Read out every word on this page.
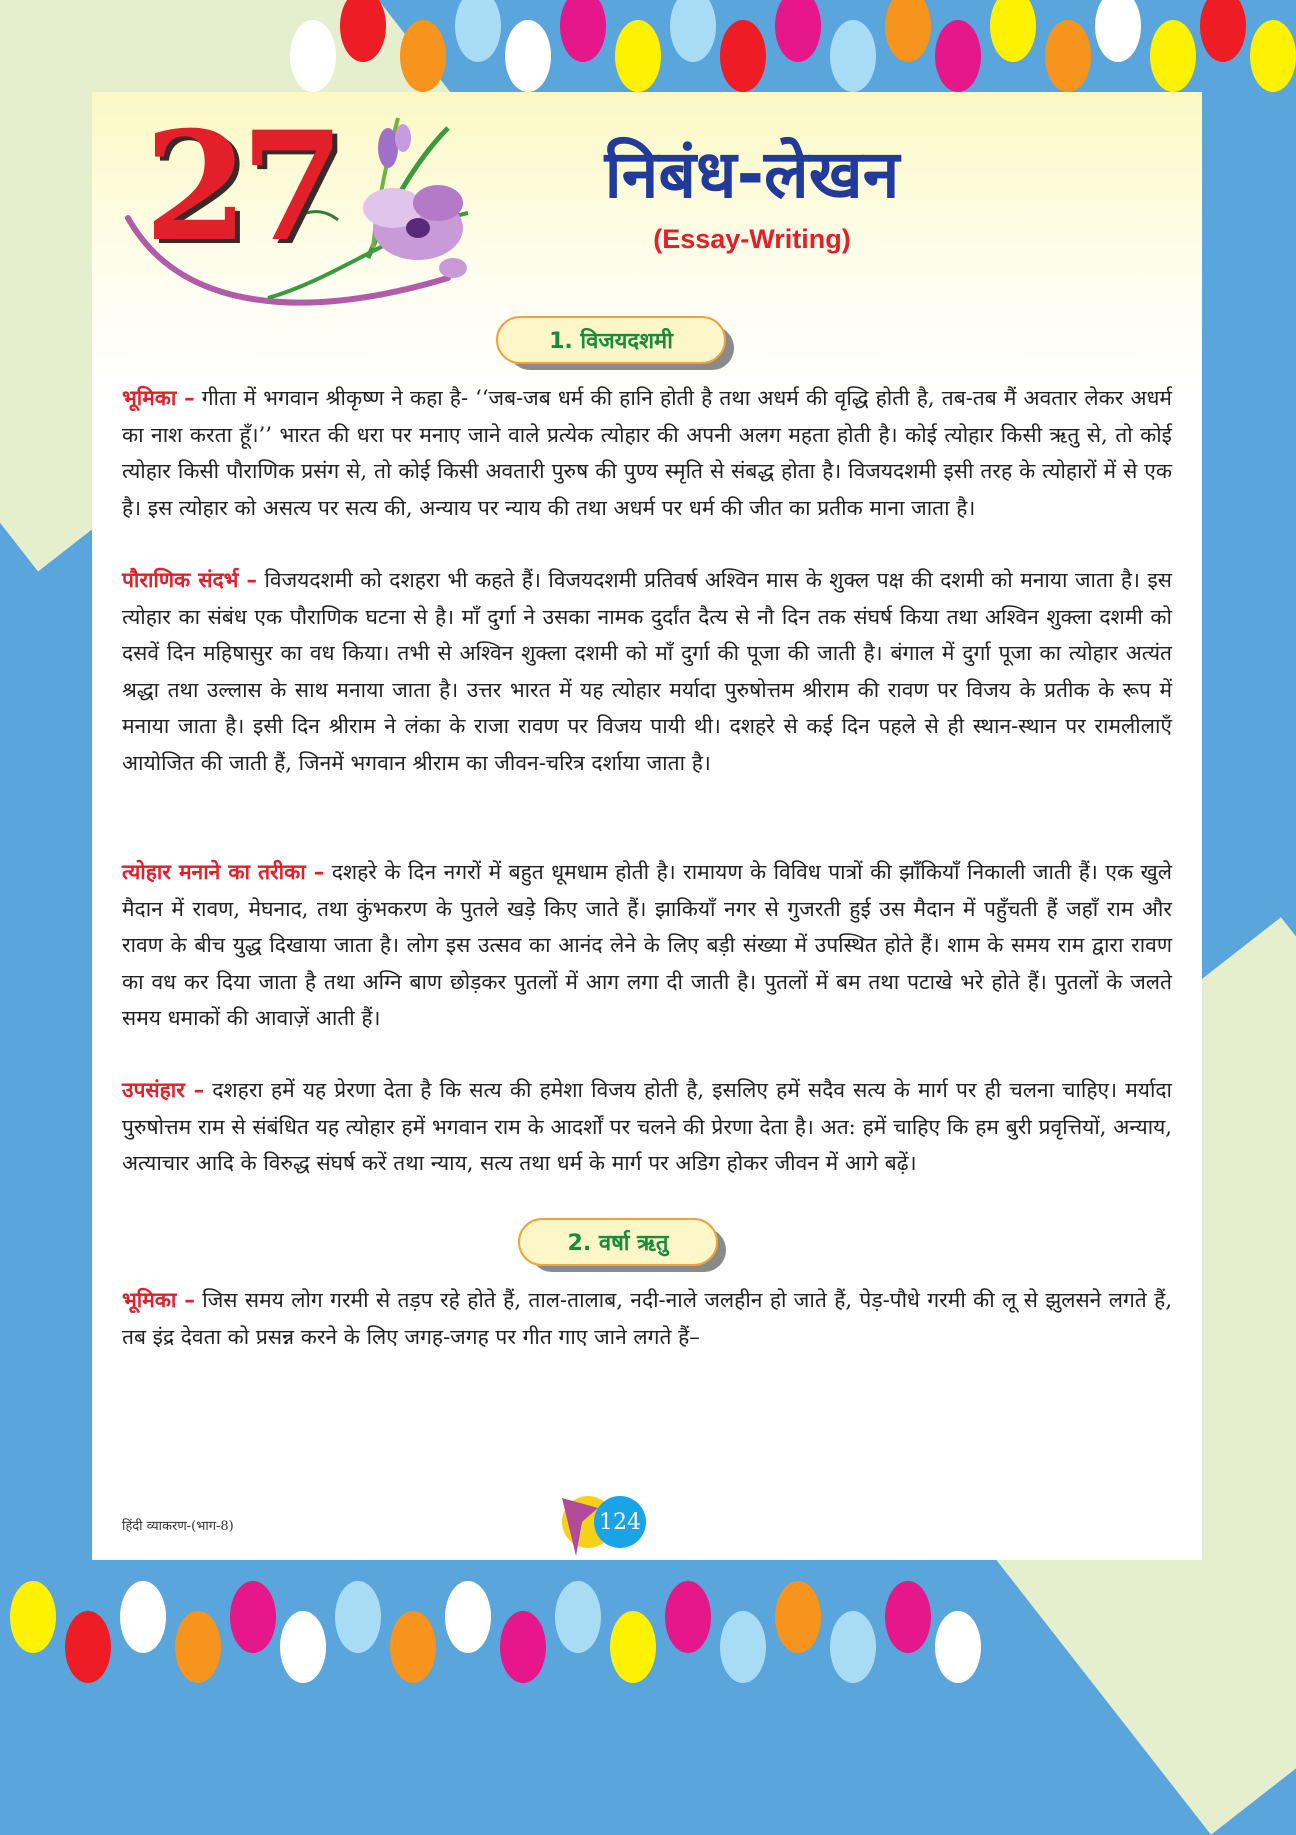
27	निबंध-लेखन
(Essay-Writing)
1. विजयदशमी
भूमिका – गीता में भगवान श्रीकृष्ण ने कहा है- ‘‘जब-जब धर्म की हानि होती है तथा अधर्म की वृद्धि होती है, तब-तब मैं अवतार लेकर अधर्म का नाश करता हूँ।’’ भारत की धरा पर मनाए जाने वाले प्रत्येक त्योहार की अपनी अलग महता होती है। कोई त्योहार किसी ऋतु से, तो कोई त्योहार किसी पौराणिक प्रसंग से, तो कोई किसी अवतारी पुरुष की पुण्य स्मृति से संबद्ध होता है। विजयदशमी इसी तरह के त्योहारों में से एक है। इस त्योहार को असत्य पर सत्य की, अन्याय पर न्याय की तथा अधर्म पर धर्म की जीत का प्रतीक माना जाता है।
पौराणिक संदर्भ – विजयदशमी को दशहरा भी कहते हैं। विजयदशमी प्रतिवर्ष अश्विन मास के शुक्ल पक्ष की दशमी को मनाया जाता है। इस त्योहार का संबंध एक पौराणिक घटना से है। माँ दुर्गा ने उसका नामक दुर्दांत दैत्य से नौ दिन तक संघर्ष किया तथा अश्विन शुक्ला दशमी को दसवें दिन महिषासुर का वध किया। तभी से अश्विन शुक्ला दशमी को माँ दुर्गा की पूजा की जाती है। बंगाल में दुर्गा पूजा का त्योहार अत्यंत श्रद्धा तथा उल्लास के साथ मनाया जाता है। उत्तर भारत में यह त्योहार मर्यादा पुरुषोत्तम श्रीराम की रावण पर विजय के प्रतीक के रूप में मनाया जाता है। इसी दिन श्रीराम ने लंका के राजा रावण पर विजय पायी थी। दशहरे से कई दिन पहले से ही स्थान-स्थान पर रामलीलाएँ आयोजित की जाती हैं, जिनमें भगवान श्रीराम का जीवन-चरित्र दर्शाया जाता है।
त्योहार मनाने का तरीका – दशहरे के दिन नगरों में बहुत धूमधाम होती है। रामायण के विविध पात्रों की झाँकियाँ निकाली जाती हैं। एक खुले मैदान में रावण, मेघनाद, तथा कुंभकरण के पुतले खड़े किए जाते हैं। झाकियाँ नगर से गुजरती हुई उस मैदान में पहुँचती हैं जहाँ राम और रावण के बीच युद्ध दिखाया जाता है। लोग इस उत्सव का आनंद लेने के लिए बड़ी संख्या में उपस्थित होते हैं। शाम के समय राम द्वारा रावण का वध कर दिया जाता है तथा अग्नि बाण छोड़कर पुतलों में आग लगा दी जाती है। पुतलों में बम तथा पटाखे भरे होते हैं। पुतलों के जलते समय धमाकों की आवाज़ें आती हैं।
उपसंहार – दशहरा हमें यह प्रेरणा देता है कि सत्य की हमेशा विजय होती है, इसलिए हमें सदैव सत्य के मार्ग पर ही चलना चाहिए। मर्यादा पुरुषोत्तम राम से संबंधित यह त्योहार हमें भगवान राम के आदर्शों पर चलने की प्रेरणा देता है। अत: हमें चाहिए कि हम बुरी प्रवृत्तियों, अन्याय, अत्याचार आदि के विरुद्ध संघर्ष करें तथा न्याय, सत्य तथा धर्म के मार्ग पर अडिग होकर जीवन में आगे बढ़ें।
2. वर्षा ऋतु
भूमिका – जिस समय लोग गरमी से तड़प रहे होते हैं, ताल-तालाब, नदी-नाले जलहीन हो जाते हैं, पेड़-पौधे गरमी की लू से झुलसने लगते हैं, तब इंद्र देवता को प्रसन्न करने के लिए जगह-जगह पर गीत गाए जाने लगते हैं–
हिंदी व्याकरण-(भाग-8)	124
